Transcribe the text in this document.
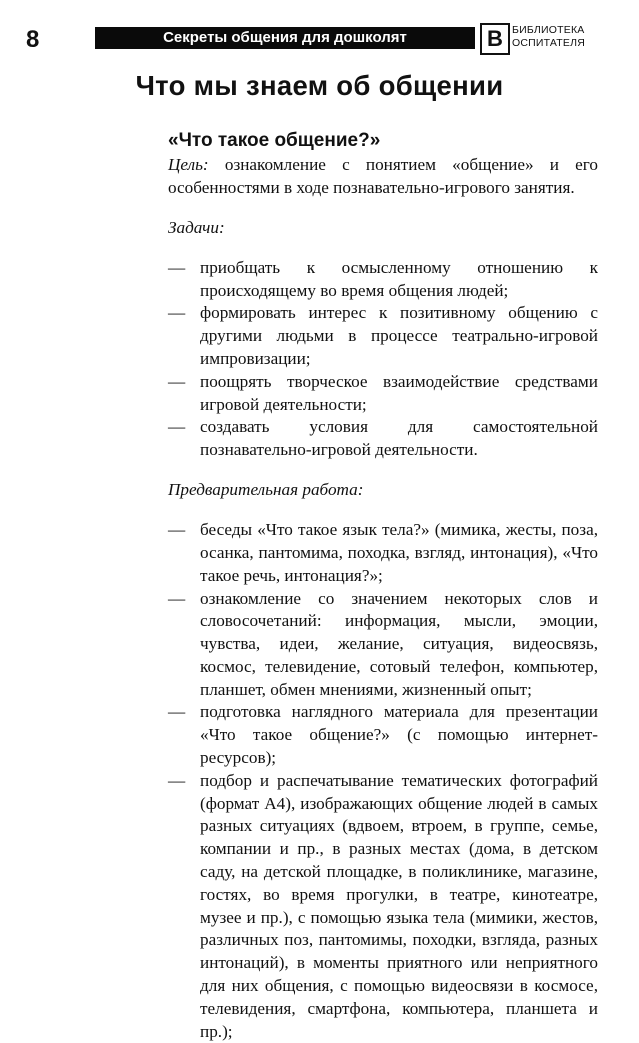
8	Секреты общения для дошколят	В БИБЛИОТЕКА
ОСПИТАТЕЛЯ
Что мы знаем об общении
«Что такое общение?»

Цель: ознакомление с понятием «общение» и его особенностями в ходе познавательно-игрового занятия.

Задачи:

— приобщать к осмысленному отношению к происходящему во время общения людей;

— формировать интерес к позитивному общению с другими людьми в процессе театрально-игровой импровизации;

— поощрять творческое взаимодействие средствами игровой деятельности;

— создавать условия для самостоятельной познавательно-игровой деятельности.

Предварительная работа:

— беседы «Что такое язык тела?» (мимика, жесты, поза, осанка, пантомима, походка, взгляд, интонация), «Что такое речь, интонация?»;

— ознакомление со значением некоторых слов и словосочетаний: информация, мысли, эмоции, чувства, идеи, желание, ситуация, видеосвязь, космос, телевидение, сотовый телефон, компьютер, планшет, обмен мнениями, жизненный опыт;

— подготовка наглядного материала для презентации «Что такое общение?» (с помощью интернет-ресурсов);

— подбор и распечатывание тематических фотографий (формат А4), изображающих общение людей в самых разных ситуациях (вдвоем, втроем, в группе, семье, компании и пр., в разных местах (дома, в детском саду, на детской площадке, в поликлинике, магазине, гостях, во время прогулки, в театре, кинотеатре, музее и пр.), с помощью языка тела (мимики, жестов, различных поз, пантомимы, походки, взгляда, разных интонаций), в моменты приятного или неприятного для них общения, с помощью видеосвязи в космосе, телевидения, смартфона, компьютера, планшета и пр.);
